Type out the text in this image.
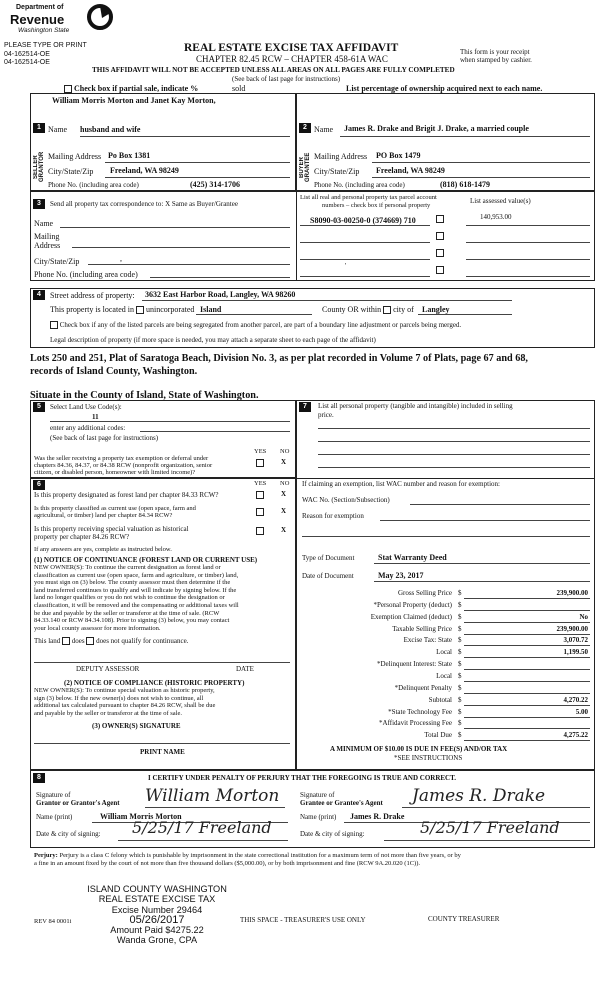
Department of
Revenue
Washington State
PLEASE TYPE OR PRINT
04-162514-OE
04-162514-OE
REAL ESTATE EXCISE TAX AFFIDAVIT
CHAPTER 82.45 RCW – CHAPTER 458-61A WAC
This form is your receipt
when stamped by cashier.
THIS AFFIDAVIT WILL NOT BE ACCEPTED UNLESS ALL AREAS ON ALL PAGES ARE FULLY COMPLETED
(See back of last page for instructions)
Check box if partial sale, indicate %	sold	List percentage of ownership acquired next to each name.
1
SELLER GRANTOR
William Morris Morton and Janet Kay Morton,
Name husband and wife
Mailing Address Po Box 1381
City/State/Zip Freeland, WA 98249
Phone No. (including area code)	(425) 314-1706
2
BUYER GRANTEE
Name James R. Drake and Brigit J. Drake, a married couple
Mailing Address PO Box 1479
City/State/Zip Freeland, WA 98249
Phone No. (including area code)	(818) 618-1479
3	Send all property tax correspondence to: X Same as Buyer/Grantee
Name
Mailing
Address
City/State/Zip	,
Phone No. (including area code)
List all real and personal property tax parcel account
numbers – check box if personal property
List assessed value(s)
S8090-03-00250-0 (374669) 710	140,953.00
'
4	Street address of property: 3632 East Harbor Road, Langley, WA 98260
This property is located in unincorporated Island	County OR within city of Langley
Check box if any of the listed parcels are being segregated from another parcel, are part of a boundary line adjustment or parcels being merged.
Legal description of property (if more space is needed, you may attach a separate sheet to each page of the affidavit)
Lots 250 and 251, Plat of Saratoga Beach, Division No. 3, as per plat recorded in Volume 7 of Plats, page 67 and 68,
records of Island County, Washington.
Situate in the County of Island, State of Washington.
5	Select Land Use Code(s):
11
enter any additional codes:
(See back of last page for instructions)
YES NO
Was the seller receiving a property tax exemption or deferral under
chapters 84.36, 84.37, or 84.38 RCW (nonprofit organization, senior
citizen, or disabled person, homeowner with limited income)?
X
6	YES NO
Is this property designated as forest land per chapter 84.33 RCW?	X
Is this property classified as current use (open space, farm and
agricultural, or timber) land per chapter 84.34 RCW?
X
Is this property receiving special valuation as historical
property per chapter 84.26 RCW?
X
If any answers are yes, complete as instructed below.
(1) NOTICE OF CONTINUANCE (FOREST LAND OR CURRENT USE)
NEW OWNER(S): To continue the current designation as forest land or
classification as current use (open space, farm and agriculture, or timber) land,
you must sign on (3) below. The county assessor must then determine if the
land transferred continues to qualify and will indicate by signing below. If the
land no longer qualifies or you do not wish to continue the designation or
classification, it will be removed and the compensating or additional taxes will
be due and payable by the seller or transferor at the time of sale. (RCW
84.33.140 or RCW 84.34.108). Prior to signing (3) below, you may contact
your local county assessor for more information.
This land does does not qualify for continuance.
DEPUTY ASSESSOR	DATE
(2) NOTICE OF COMPLIANCE (HISTORIC PROPERTY)
NEW OWNER(S): To continue special valuation as historic property,
sign (3) below. If the new owner(s) does not wish to continue, all
additional tax calculated pursuant to chapter 84.26 RCW, shall be due
and payable by the seller or transferor at the time of sale.
(3) OWNER(S) SIGNATURE
PRINT NAME
7	List all personal property (tangible and intangible) included in selling
price.
If claiming an exemption, list WAC number and reason for exemption:
WAC No. (Section/Subsection)
Reason for exemption
Type of Document	Stat Warranty Deed
Date of Document	May 23, 2017
Gross Selling Price $	239,900.00
*Personal Property (deduct) $
Exemption Claimed (deduct) $	No
Taxable Selling Price $	239,900.00
Excise Tax: State $	3,070.72
Local $	1,199.50
*Delinquent Interest: State $
Local $
*Delinquent Penalty $
Subtotal $	4,270.22
*State Technology Fee $	5.00
*Affidavit Processing Fee $
Total Due $	4,275.22
A MINIMUM OF $10.00 IS DUE IN FEE(S) AND/OR TAX
*SEE INSTRUCTIONS
8	I CERTIFY UNDER PENALTY OF PERJURY THAT THE FOREGOING IS TRUE AND CORRECT.
Signature of
Grantor or Grantor's Agent William Morton	Signature of
Grantee or Grantee's Agent James R. Drake
Name (print)	William Morris Morton	Name (print) James R. Drake
Date & city of signing: 5/25/17 Freeland	Date & city of signing:	5/25/17 Freeland
Perjury: Perjury is a class C felony which is punishable by imprisonment in the state correctional institution for a maximum term of not more than five years, or by
a fine in an amount fixed by the court of not more than five thousand dollars ($5,000.00), or by both imprisonment and fine (RCW 9A.20.020 (1C)).
ISLAND COUNTY WASHINGTON
REAL ESTATE EXCISE TAX
Excise Number 29464
05/26/2017
Amount Paid $4275.22
Wanda Grone, CPA
REV 84 0001i	THIS SPACE - TREASURER'S USE ONLY	COUNTY TREASURER
